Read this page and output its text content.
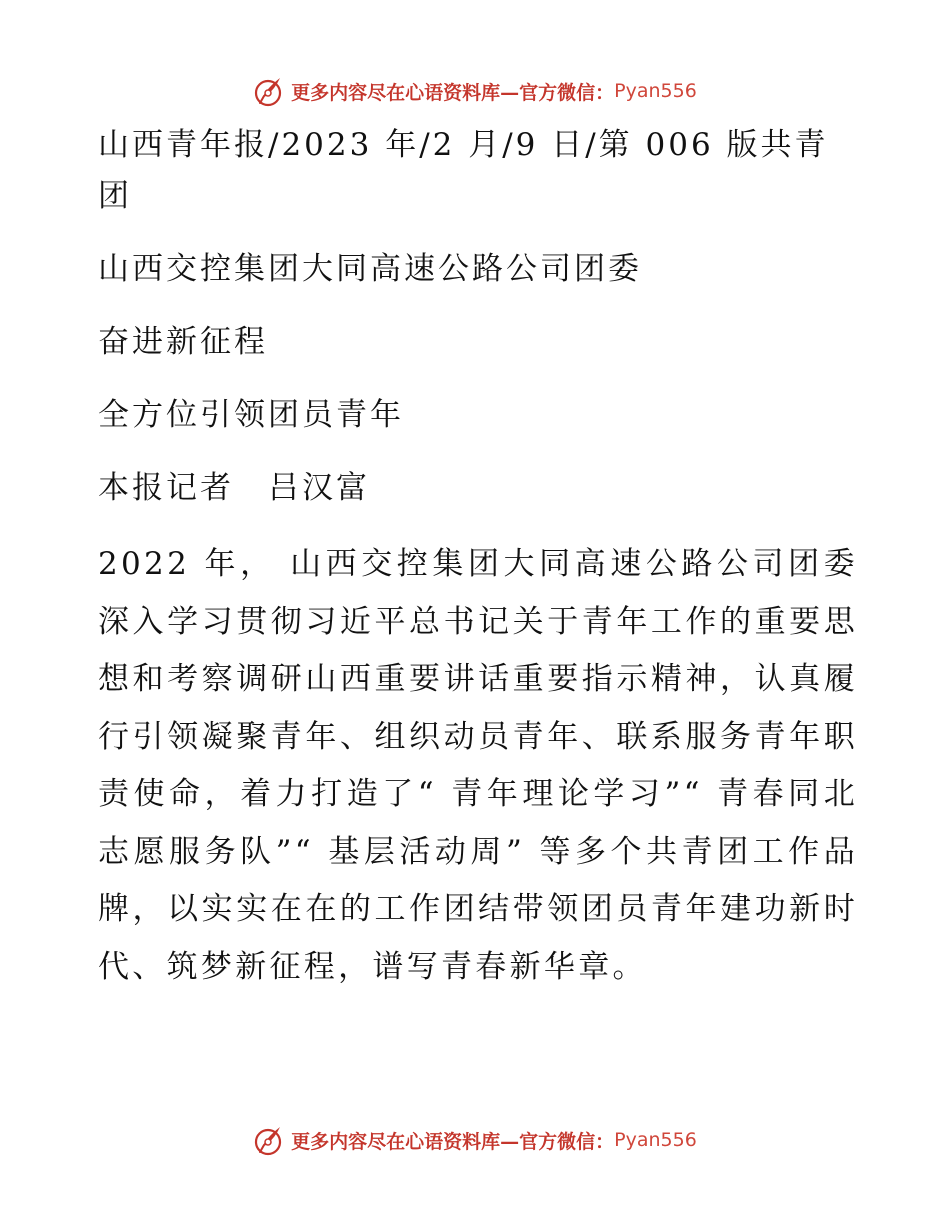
更多内容尽在心语资料库—官方微信： Pyan556

山西青年报/2023 年/2 月/9 日/第 006 版共青团

山西交控集团大同高速公路公司团委

奋进新征程

全方位引领团员青年

本报记者　吕汉富

2022 年， 山西交控集团大同高速公路公司团委深入学习贯彻习近平总书记关于青年工作的重要思想和考察调研山西重要讲话重要指示精神，认真履行引领凝聚青年、组织动员青年、联系服务青年职责使命，着力打造了“ 青年理论学习”“ 青春同北志愿服务队”“ 基层活动周” 等多个共青团工作品牌，以实实在在的工作团结带领团员青年建功新时代、筑梦新征程，谱写青春新华章。

更多内容尽在心语资料库—官方微信： Pyan556
